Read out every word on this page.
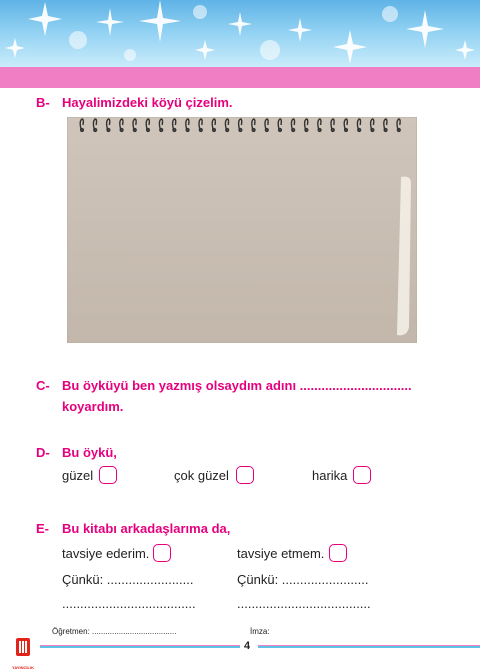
B- Hayalimizdeki köyü çizelim.
C- Bu öyküyü ben yazmış olsaydım adını ...............................
koyardım.
D- Bu öykü,
güzel	çok güzel	harika
E- Bu kitabı arkadaşlarıma da,
tavsiye ederim.	tavsiye etmem.
Çünkü: ........................	Çünkü: ........................
.....................................	.....................................
Öğretmen: ......................................	İmza:
YAYINCILIK
4
